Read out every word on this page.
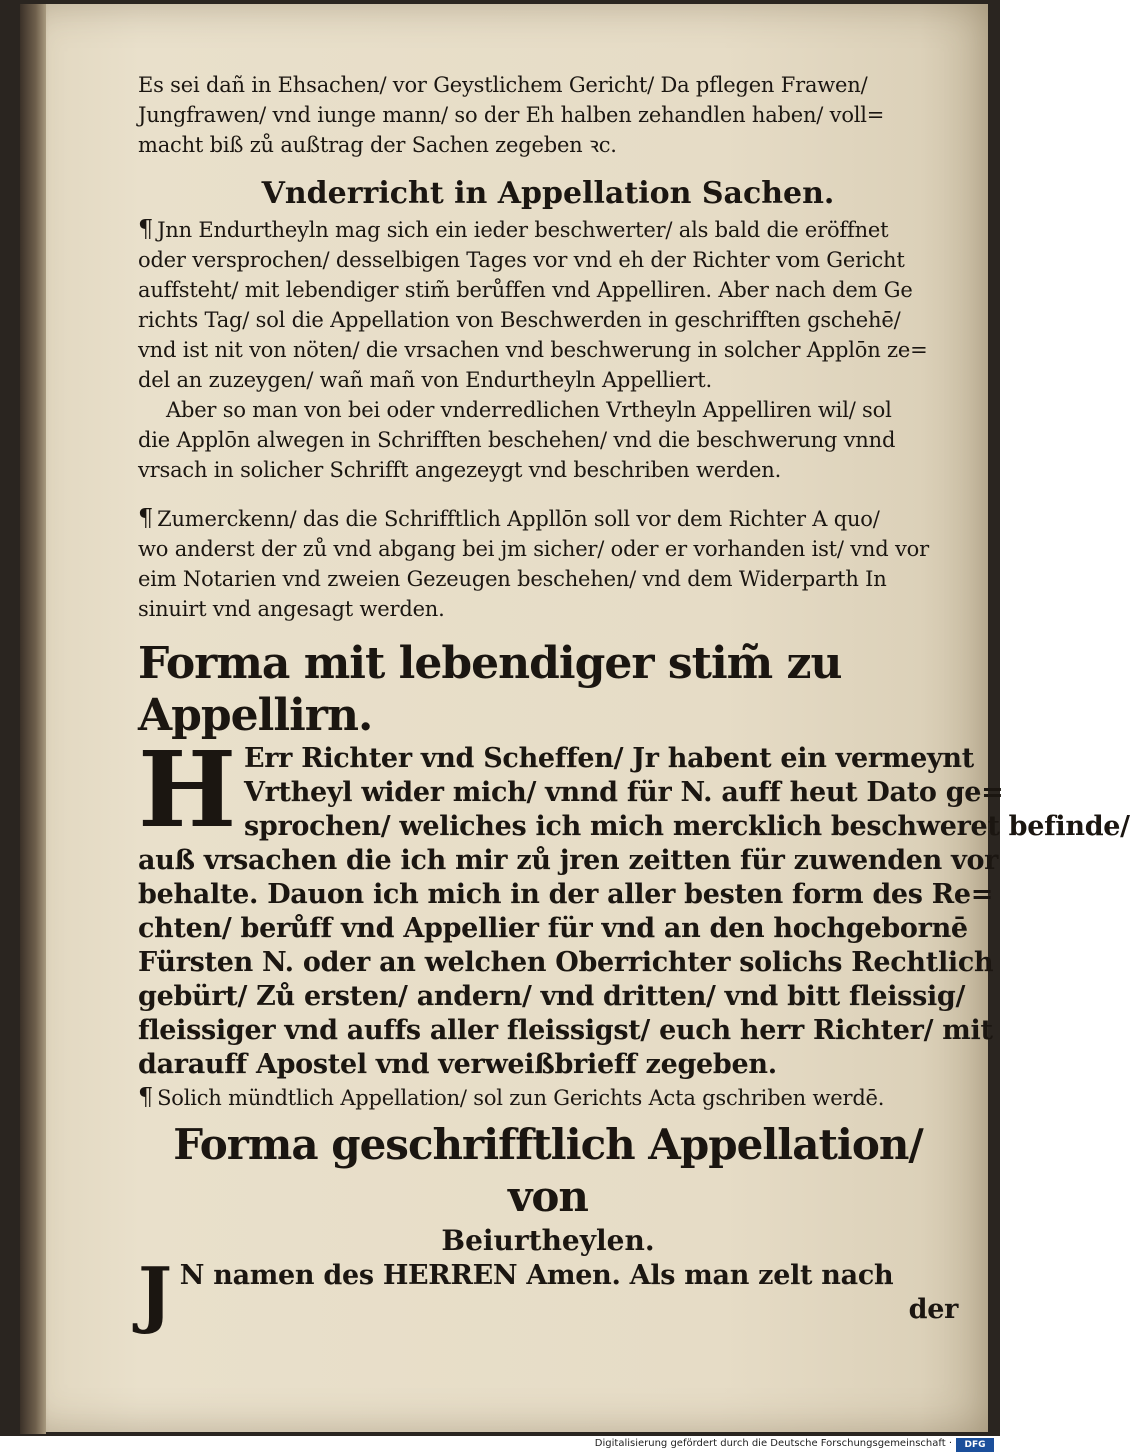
Es sei dañ in Ehsachen/ vor Geystlichem Gericht/ Da pflegen Frawen/
Jungfrawen/ vnd iunge mann/ so der Eh halben zehandlen haben/ voll=
macht biß zů außtrag der Sachen zegeben ꝛc.
Vnderricht in Appellation Sachen.
¶ Jnn Endurtheyln mag sich ein ieder beschwerter/ als bald die eröffnet
oder versprochen/ desselbigen Tages vor vnd eh der Richter vom Gericht
auffsteht/ mit lebendiger stim̃ berůffen vnd Appelliren. Aber nach dem Ge
richts Tag/ sol die Appellation von Beschwerden in geschrifften gschehē/
vnd ist nit von nöten/ die vrsachen vnd beschwerung in solcher Applōn ze=
del an zuzeygen/ wañ mañ von Endurtheyln Appelliert.
Aber so man von bei oder vnderredlichen Vrtheyln Appelliren wil/ sol
die Applōn alwegen in Schrifften beschehen/ vnd die beschwerung vnnd
vrsach in solicher Schrifft angezeygt vnd beschriben werden.
¶ Zumerckenn/ das die Schrifftlich Appllōn soll vor dem Richter A quo/
wo anderst der zů vnd abgang bei jm sicher/ oder er vorhanden ist/ vnd vor
eim Notarien vnd zweien Gezeugen beschehen/ vnd dem Widerparth In
sinuirt vnd angesagt werden.
Forma mit lebendiger stim̃ zu Appellirn.
H Err Richter vnd Scheffen/ Jr habent ein vermeynt
Vrtheyl wider mich/ vnnd für N. auff heut Dato ge=
sprochen/ weliches ich mich mercklich beschweret befinde/
auß vrsachen die ich mir zů jren zeitten für zuwenden vor
behalte. Dauon ich mich in der aller besten form des Re=
chten/ berůff vnd Appellier für vnd an den hochgebornē
Fürsten N. oder an welchen Oberrichter solichs Rechtlich
gebürt/ Zů ersten/ andern/ vnd dritten/ vnd bitt fleissig/
fleissiger vnd auffs aller fleissigst/ euch herr Richter/ mit
darauff Apostel vnd verweißbrieff zegeben.
¶ Solich mündtlich Appellation/ sol zun Gerichts Acta gschriben werdē.
Forma geschrifftlich Appellation/ von
Beiurtheylen.
J N namen des HERREN Amen. Als man zelt nach
der
Digitalisierung gefördert durch die Deutsche Forschungsgemeinschaft ·	DFG
